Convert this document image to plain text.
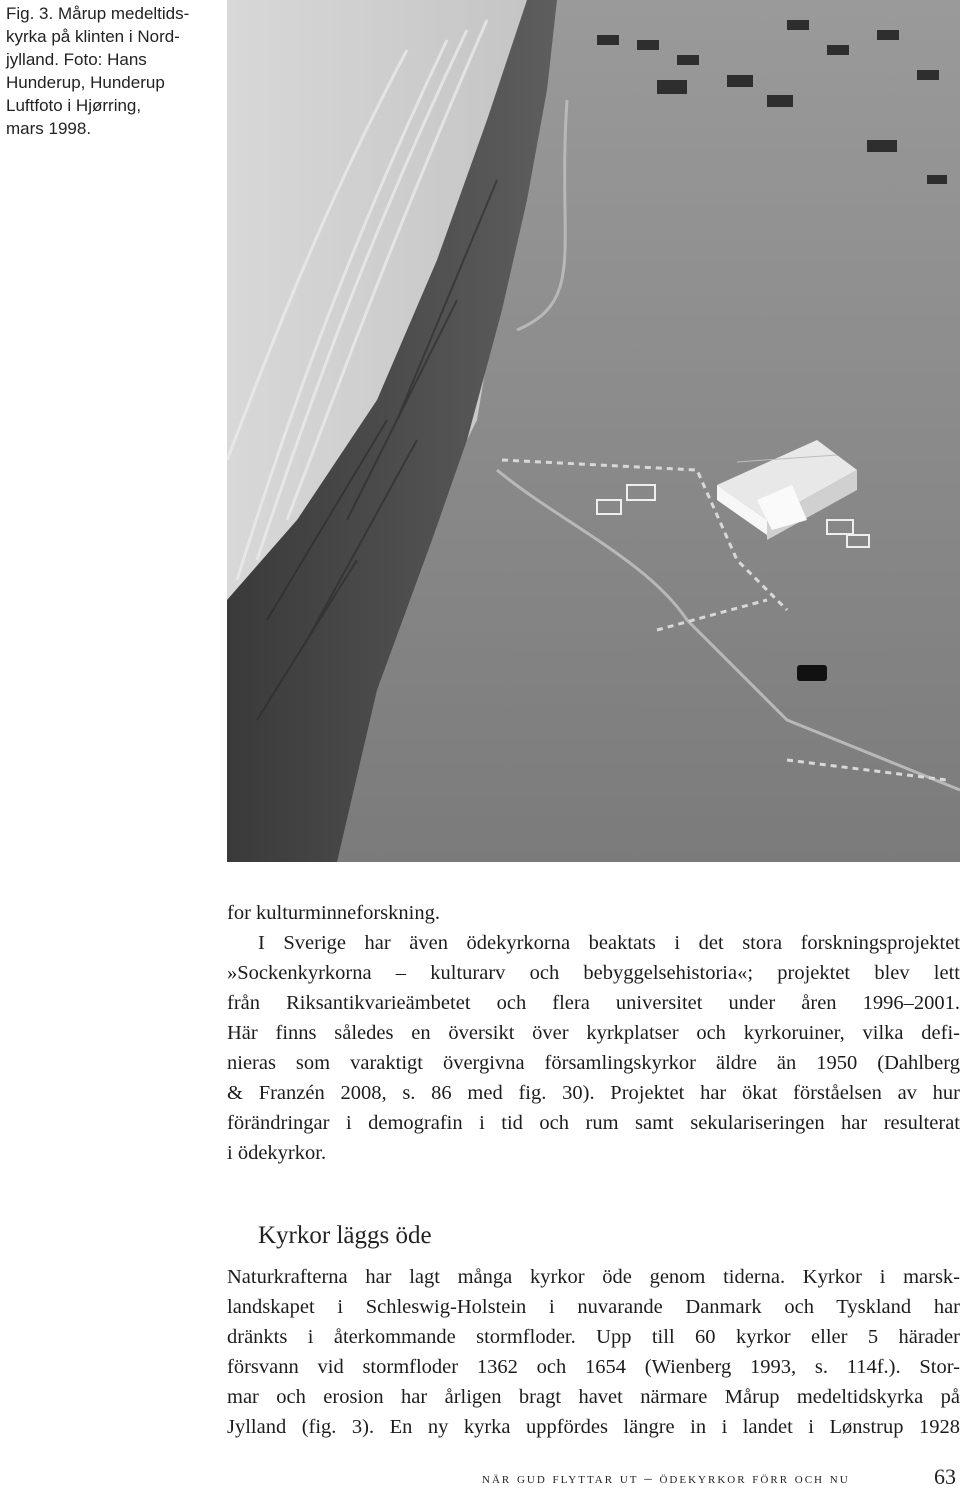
Fig. 3. Mårup medeltids-
kyrka på klinten i Nord-
jylland. Foto: Hans
Hunderup, Hunderup
Luftfoto i Hjørring,
mars 1998.
for kulturminneforskning.
I Sverige har även ödekyrkorna beaktats i det stora forskningsprojektet
»Sockenkyrkorna – kulturarv och bebyggelsehistoria«; projektet blev lett
från Riksantikvarieämbetet och flera universitet under åren 1996–2001.
Här finns således en översikt över kyrkplatser och kyrkoruiner, vilka defi-
nieras som varaktigt övergivna församlingskyrkor äldre än 1950 (Dahlberg
& Franzén 2008, s. 86 med fig. 30). Projektet har ökat förståelsen av hur
förändringar i demografin i tid och rum samt sekulariseringen har resulterat
i ödekyrkor.
Kyrkor läggs öde
Naturkrafterna har lagt många kyrkor öde genom tiderna. Kyrkor i marsk-
landskapet i Schleswig-Holstein i nuvarande Danmark och Tyskland har
dränkts i återkommande stormfloder. Upp till 60 kyrkor eller 5 härader
försvann vid stormfloder 1362 och 1654 (Wienberg 1993, s. 114f.). Stor-
mar och erosion har årligen bragt havet närmare Mårup medeltidskyrka på
Jylland (fig. 3). En ny kyrka uppfördes längre in i landet i Lønstrup 1928
när gud flyttar ut – ödekyrkor förr och nu	63
